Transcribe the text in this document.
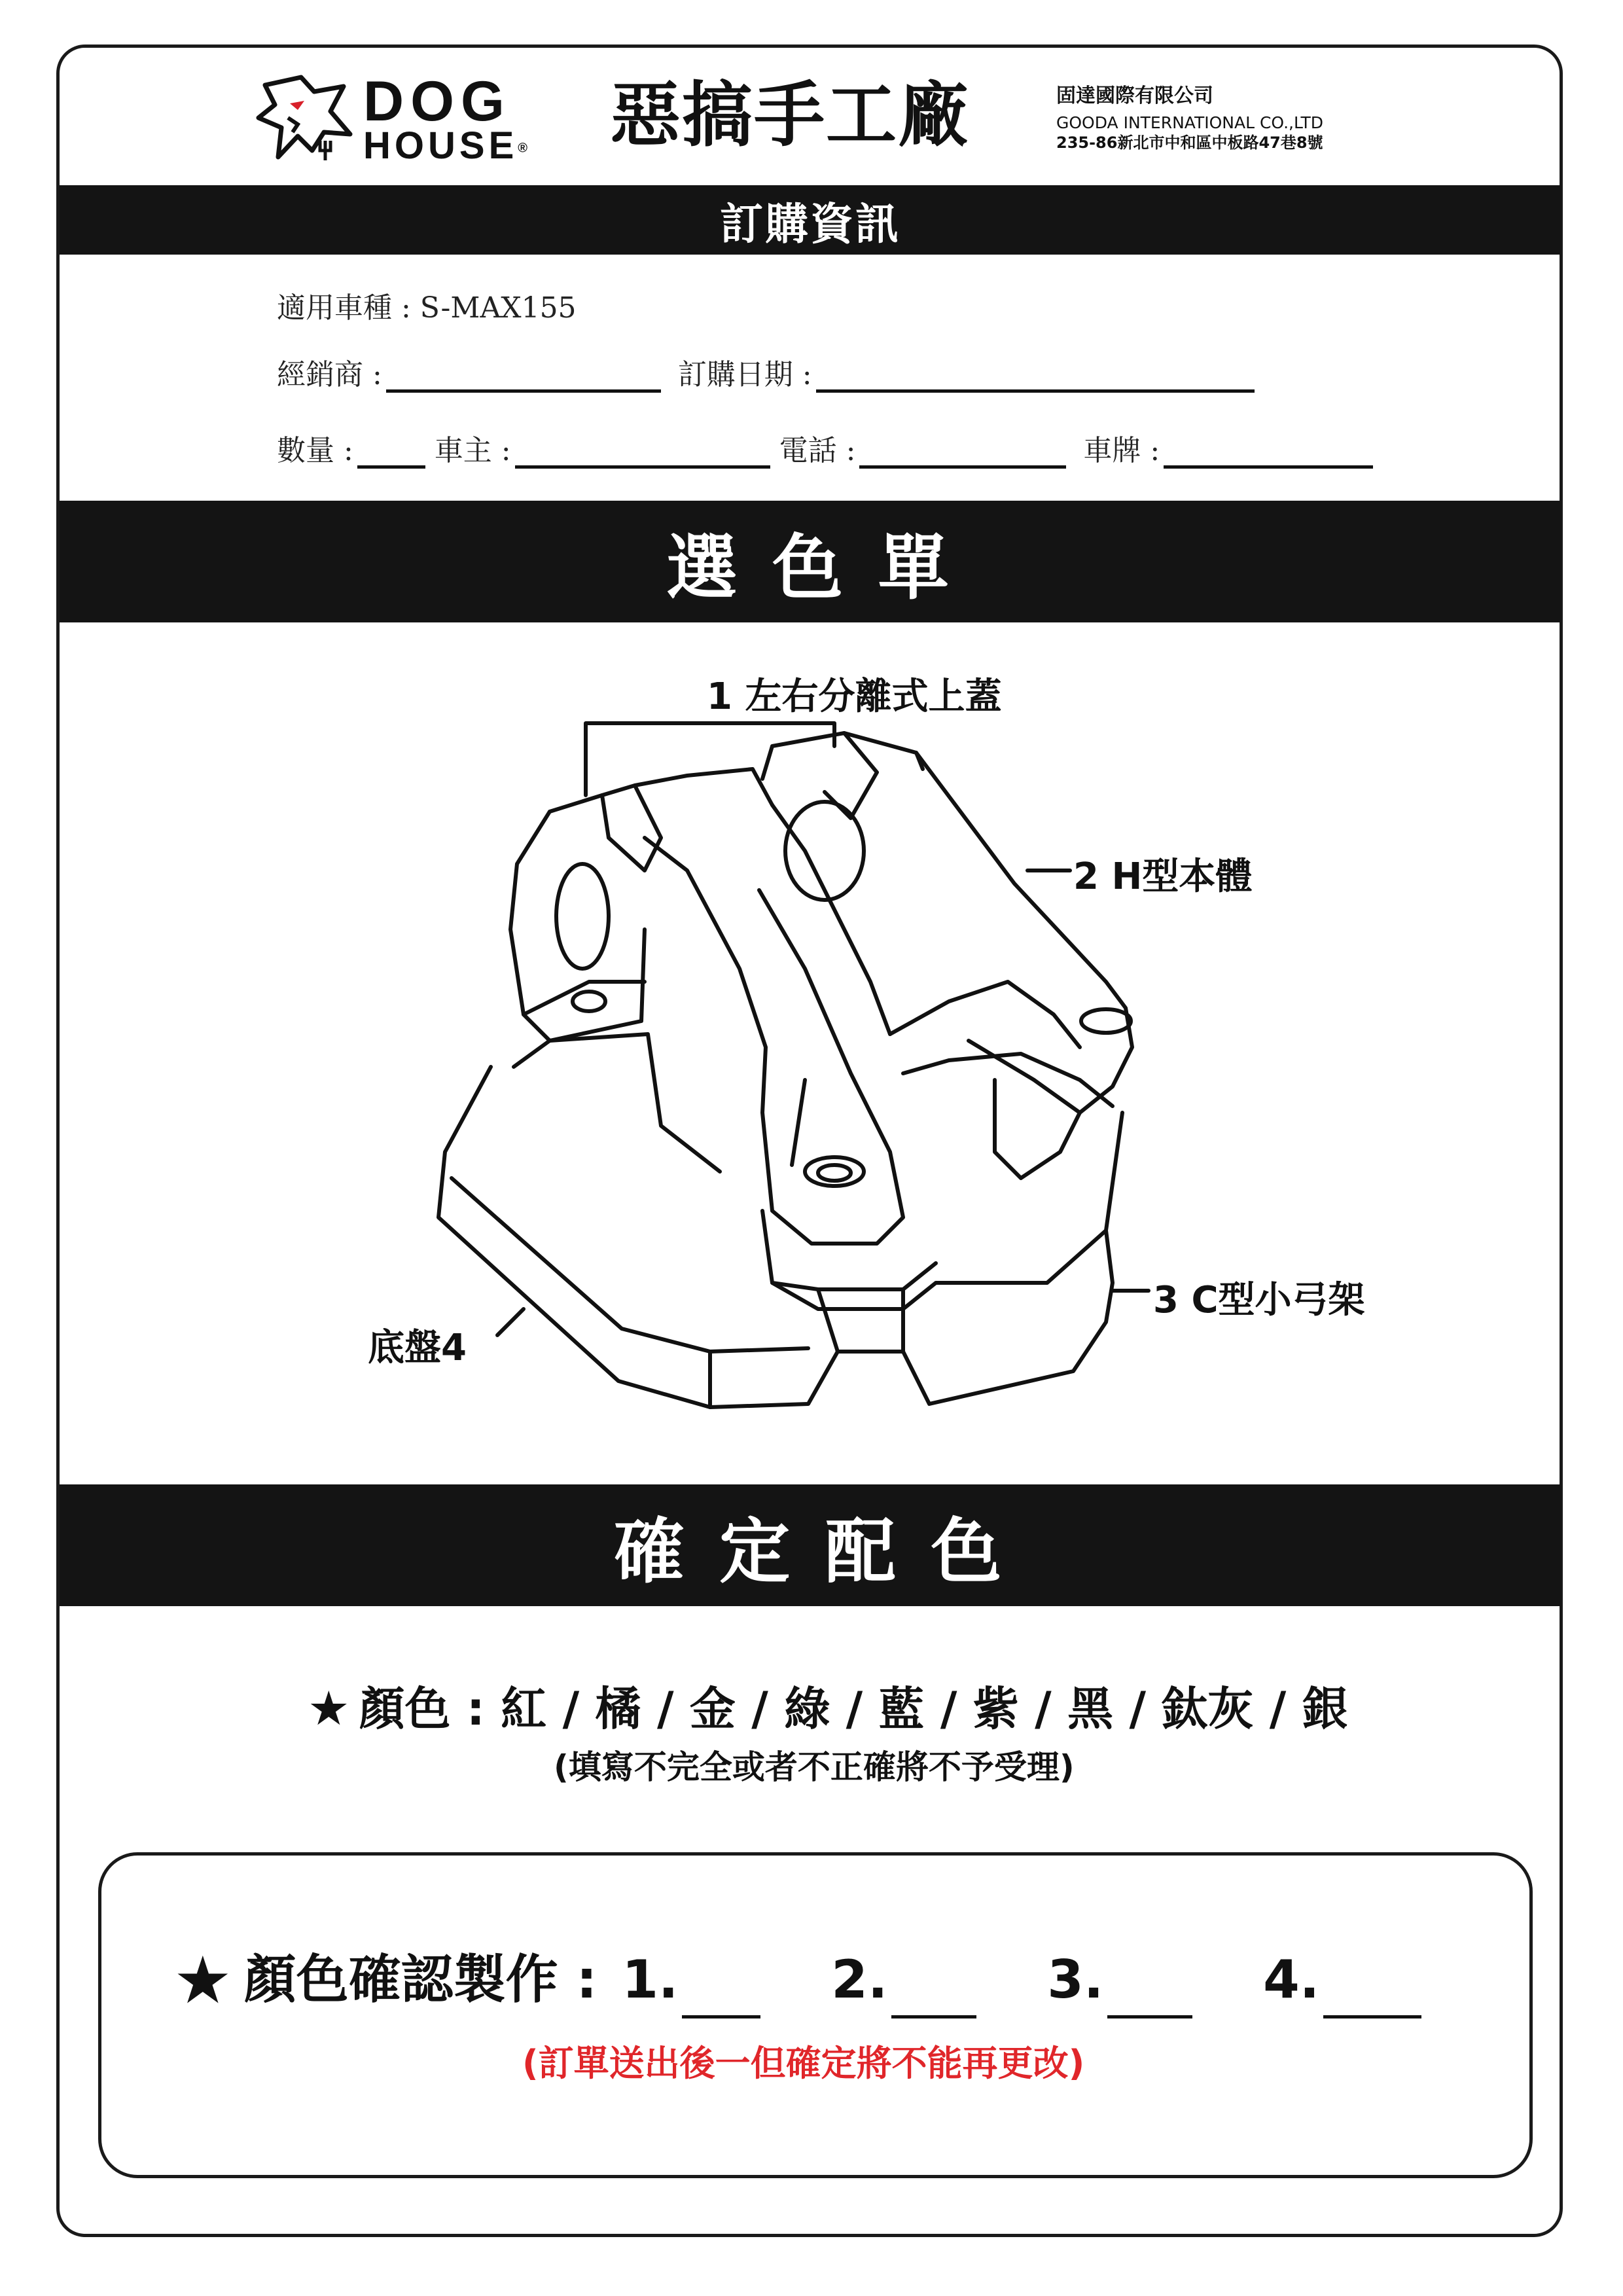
DOG
HOUSE® 惡搞手工廠	固達國際有限公司
GOODA INTERNATIONAL CO.,LTD
235-86新北市中和區中板路47巷8號
訂購資訊
適用車種 : S-MAX155
經銷商 :	訂購日期 :
數量 :	車主 :	電話 :	車牌 :
選 色 單
1 左右分離式上蓋
2 H型本體
3 C型小弓架
底盤4
確 定 配 色
★ 顏色 : 紅 / 橘 / 金 / 綠 / 藍 / 紫 / 黑 / 鈦灰 / 銀
(填寫不完全或者不正確將不予受理)
★ 顏色確認製作 : 1.	2.	3.	4.
(訂單送出後一但確定將不能再更改)
